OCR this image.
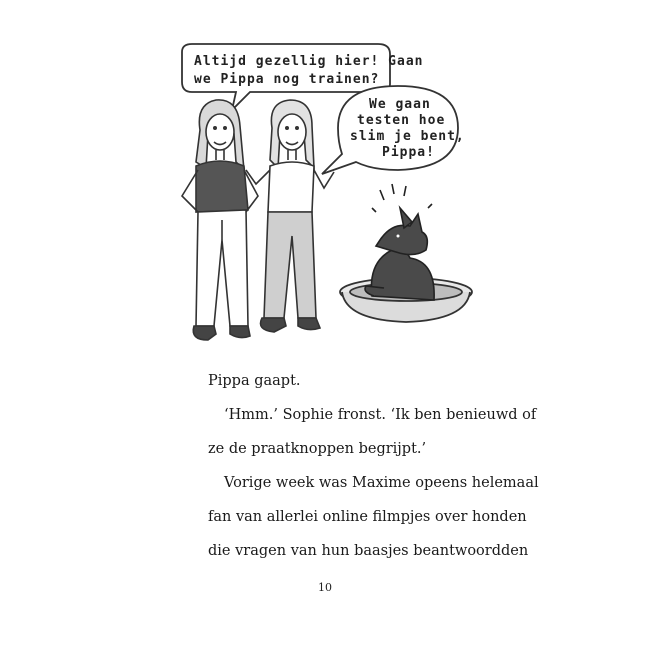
Altijd gezellig hier! Gaan
we Pippa nog trainen?
We gaan
testen hoe
slim je bent,
Pippa!

Pippa gaapt.

‘Hmm.’ Sophie fronst. ‘Ik ben benieuwd of

ze de praatknoppen begrijpt.’

Vorige week was Maxime opeens helemaal

fan van allerlei online filmpjes over honden

die vragen van hun baasjes beantwoordden

10
